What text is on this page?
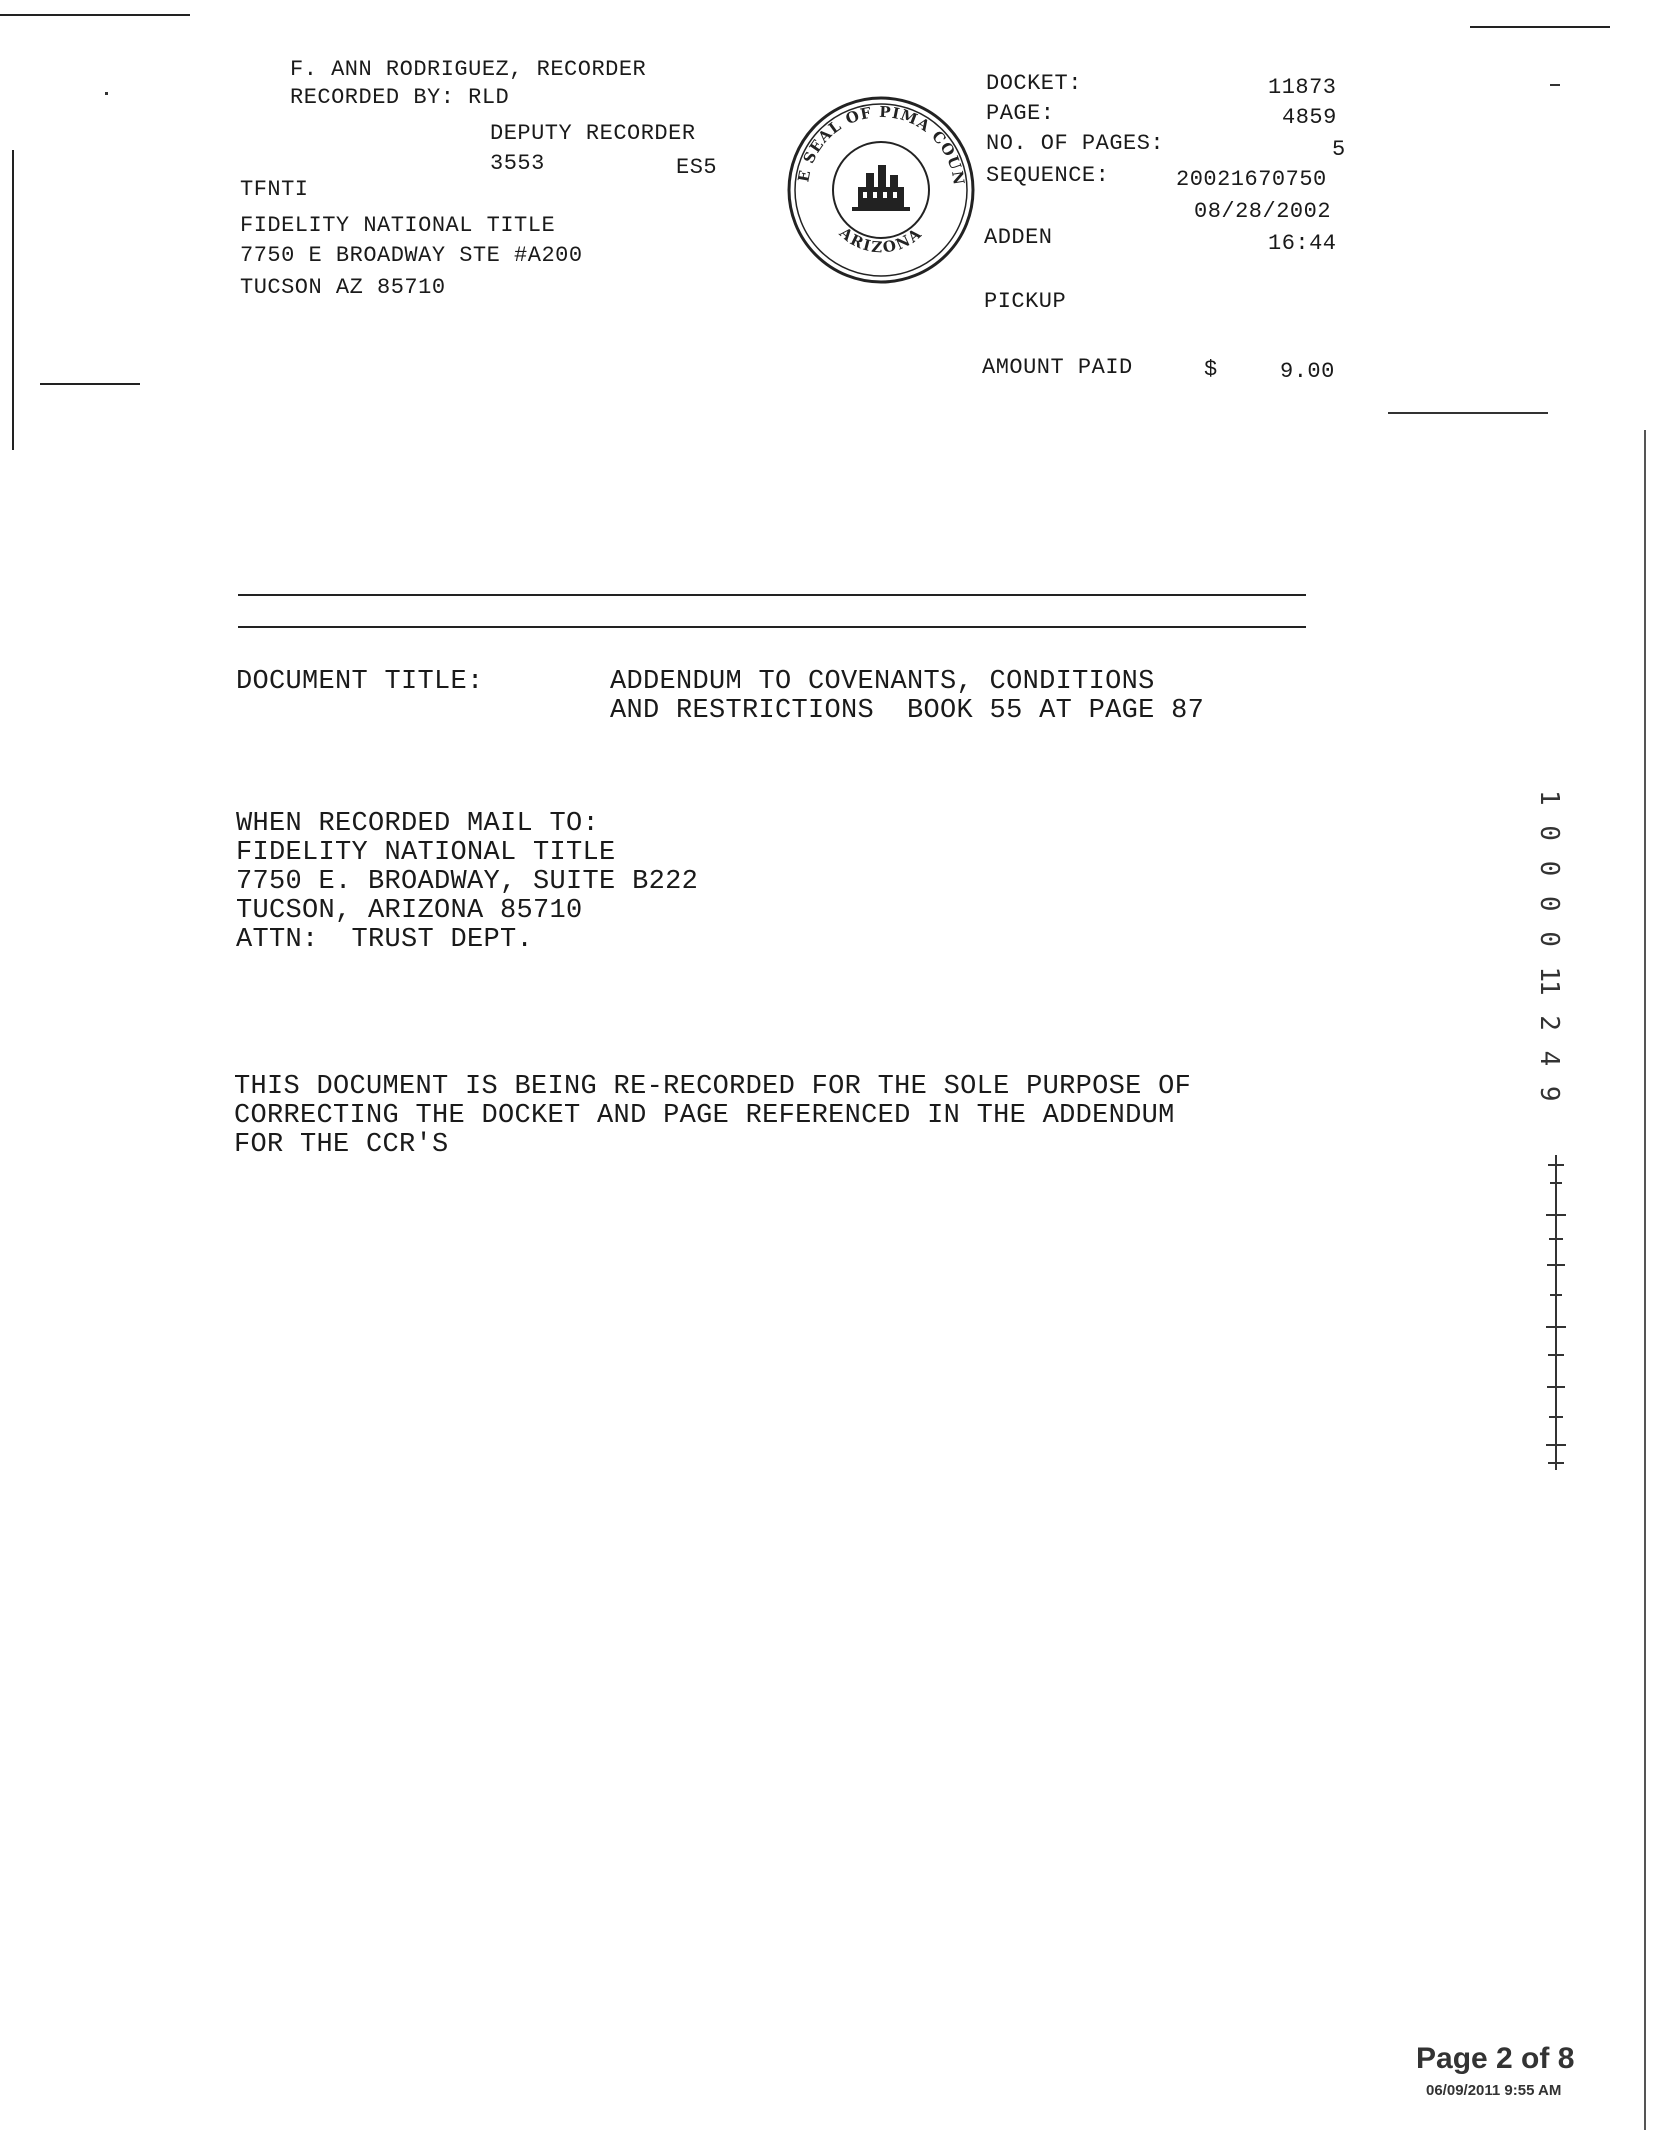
F. ANN RODRIGUEZ, RECORDER
RECORDED BY: RLD
DEPUTY RECORDER
3553	ES5
TFNTI
FIDELITY NATIONAL TITLE
7750 E BROADWAY STE #A200
TUCSON AZ 85710
E SEAL OF PIMA COUN
ARIZONA
DOCKET:	11873
PAGE:	4859
NO. OF PAGES:	5
SEQUENCE:	20021670750
08/28/2002
ADDEN	16:44
PICKUP
AMOUNT PAID	$	9.00
DOCUMENT TITLE:	ADDENDUM TO COVENANTS, CONDITIONS
AND RESTRICTIONS  BOOK 55 AT PAGE 87
WHEN RECORDED MAIL TO:
FIDELITY NATIONAL TITLE
7750 E. BROADWAY, SUITE B222
TUCSON, ARIZONA 85710
ATTN:  TRUST DEPT.
THIS DOCUMENT IS BEING RE-RECORDED FOR THE SOLE PURPOSE OF
CORRECTING THE DOCKET AND PAGE REFERENCED IN THE ADDENDUM
FOR THE CCR'S
1 0 0 0 0 1
1 2 4 9
Page 2 of 8
06/09/2011 9:55 AM
